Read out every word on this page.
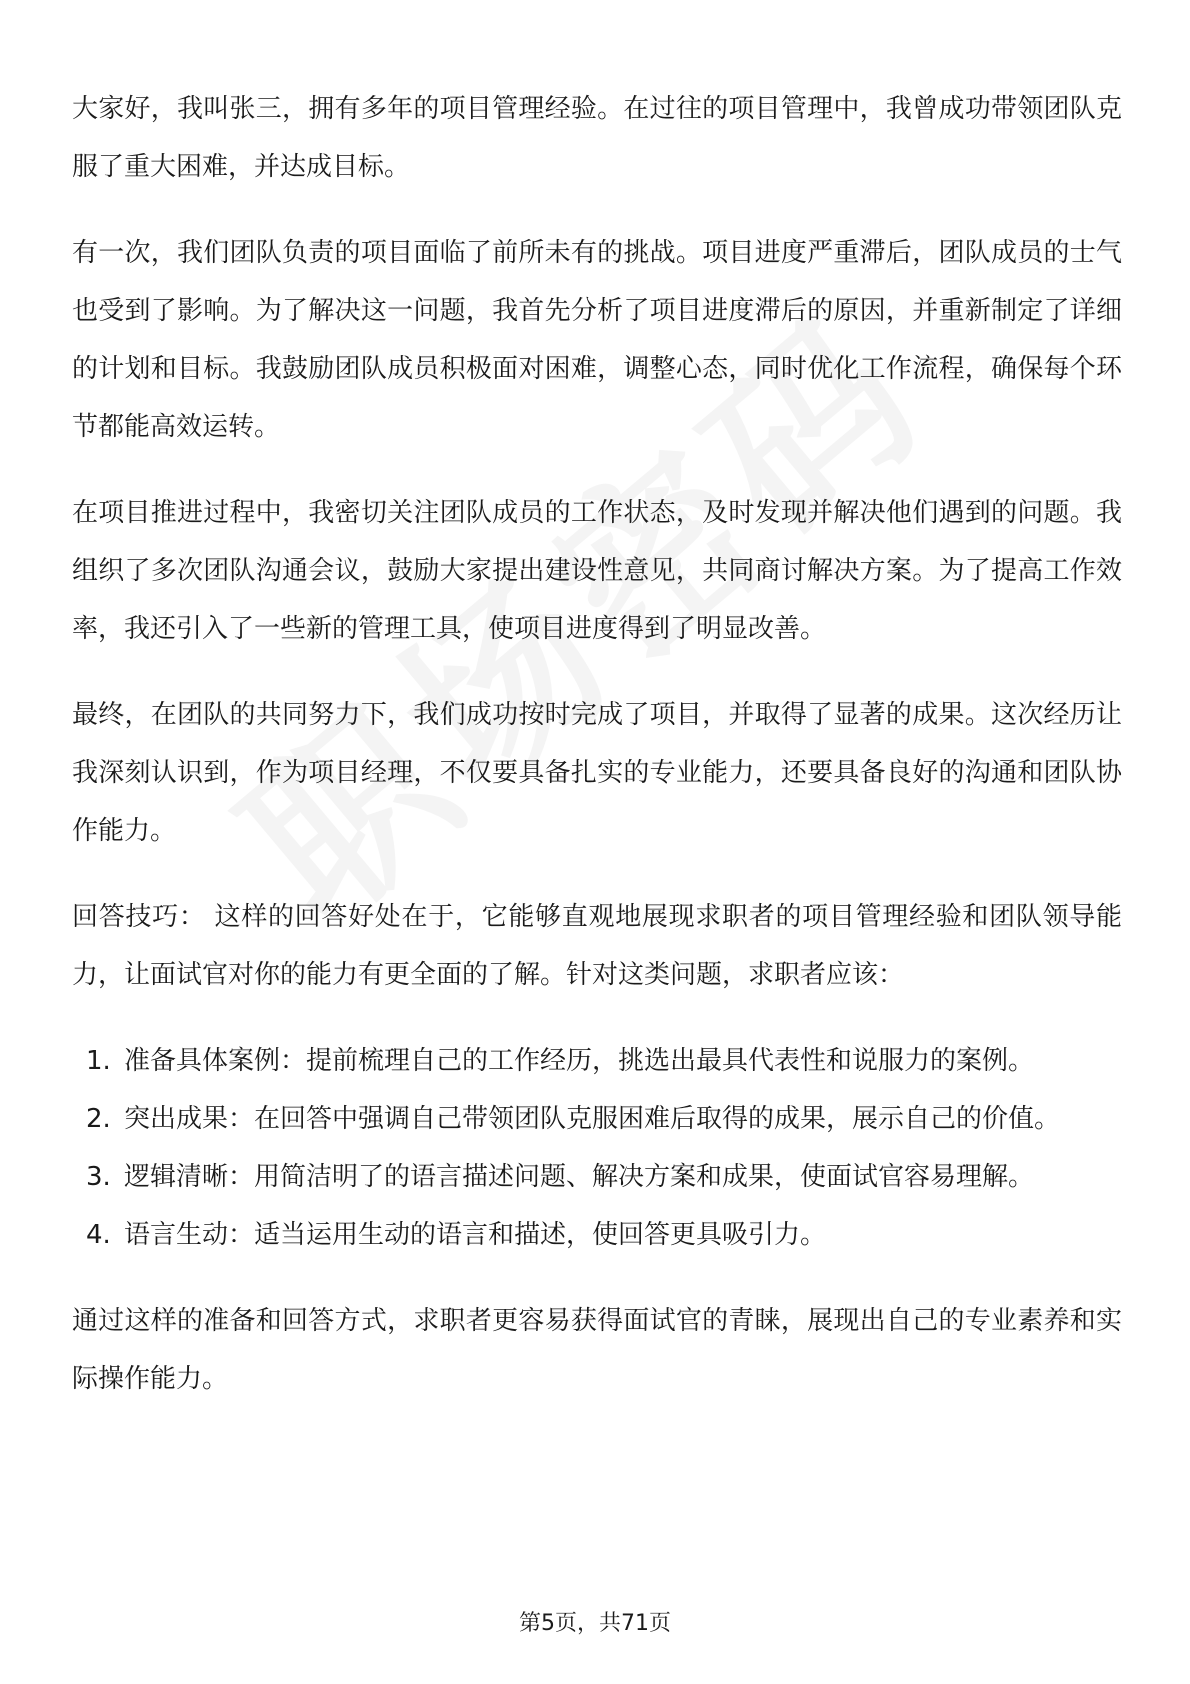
大家好，我叫张三，拥有多年的项目管理经验。在过往的项目管理中，我曾成功带领团队克服了重大困难，并达成目标。

有一次，我们团队负责的项目面临了前所未有的挑战。项目进度严重滞后，团队成员的士气也受到了影响。为了解决这一问题，我首先分析了项目进度滞后的原因，并重新制定了详细的计划和目标。我鼓励团队成员积极面对困难，调整心态，同时优化工作流程，确保每个环节都能高效运转。

在项目推进过程中，我密切关注团队成员的工作状态，及时发现并解决他们遇到的问题。我组织了多次团队沟通会议，鼓励大家提出建设性意见，共同商讨解决方案。为了提高工作效率，我还引入了一些新的管理工具，使项目进度得到了明显改善。

最终，在团队的共同努力下，我们成功按时完成了项目，并取得了显著的成果。这次经历让我深刻认识到，作为项目经理，不仅要具备扎实的专业能力，还要具备良好的沟通和团队协作能力。

回答技巧： 这样的回答好处在于，它能够直观地展现求职者的项目管理经验和团队领导能力，让面试官对你的能力有更全面的了解。针对这类问题，求职者应该：

1. 准备具体案例：提前梳理自己的工作经历，挑选出最具代表性和说服力的案例。
2. 突出成果：在回答中强调自己带领团队克服困难后取得的成果，展示自己的价值。
3. 逻辑清晰：用简洁明了的语言描述问题、解决方案和成果，使面试官容易理解。
4. 语言生动：适当运用生动的语言和描述，使回答更具吸引力。

通过这样的准备和回答方式，求职者更容易获得面试官的青睐，展现出自己的专业素养和实际操作能力。

第5页，共71页
